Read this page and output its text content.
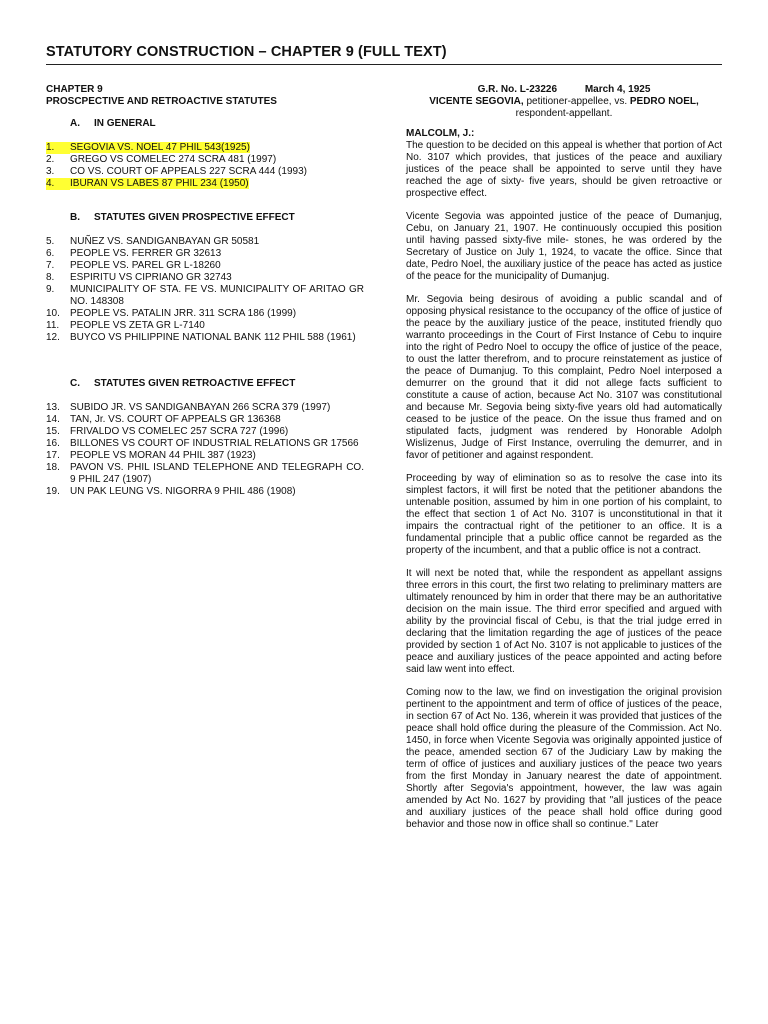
STATUTORY CONSTRUCTION – CHAPTER 9 (FULL TEXT)
CHAPTER 9
PROSCPECTIVE AND RETROACTIVE STATUTES
A.	IN GENERAL
1.	SEGOVIA VS. NOEL 47 PHIL 543(1925)
2.	GREGO VS COMELEC 274 SCRA 481 (1997)
3.	CO VS. COURT OF APPEALS 227 SCRA 444 (1993)
4.	IBURAN VS LABES 87 PHIL 234 (1950)
B.	STATUTES GIVEN PROSPECTIVE EFFECT
5.	NUÑEZ VS. SANDIGANBAYAN GR 50581
6.	PEOPLE VS. FERRER GR 32613
7.	PEOPLE VS. PAREL GR L-18260
8.	ESPIRITU VS CIPRIANO GR 32743
9.	MUNICIPALITY OF STA. FE VS. MUNICIPALITY OF ARITAO GR NO. 148308
10.	PEOPLE VS. PATALIN JRR. 311 SCRA 186 (1999)
11.	PEOPLE VS ZETA GR L-7140
12.	BUYCO VS PHILIPPINE NATIONAL BANK 112 PHIL 588 (1961)
C.	STATUTES GIVEN RETROACTIVE EFFECT
13.	SUBIDO JR. VS SANDIGANBAYAN 266 SCRA 379 (1997)
14.	TAN, Jr. VS. COURT OF APPEALS GR 136368
15.	FRIVALDO VS COMELEC 257 SCRA 727 (1996)
16.	BILLONES VS COURT OF INDUSTRIAL RELATIONS GR 17566
17.	PEOPLE VS MORAN 44 PHIL 387 (1923)
18.	PAVON VS. PHIL ISLAND TELEPHONE AND TELEGRAPH CO. 9 PHIL 247 (1907)
19.	UN PAK LEUNG VS. NIGORRA 9 PHIL 486 (1908)
G.R. No. L-23226	March 4, 1925
VICENTE SEGOVIA, petitioner-appellee, vs. PEDRO NOEL,
respondent-appellant.
MALCOLM, J.:

The question to be decided on this appeal is whether that portion of Act No. 3107 which provides, that justices of the peace and auxiliary justices of the peace shall be appointed to serve until they have reached the age of sixty- five years, should be given retroactive or prospective effect.

Vicente Segovia was appointed justice of the peace of Dumanjug, Cebu, on January 21, 1907. He continuously occupied this position until having passed sixty-five mile- stones, he was ordered by the Secretary of Justice on July 1, 1924, to vacate the office. Since that date, Pedro Noel, the auxiliary justice of the peace has acted as justice of the peace for the municipality of Dumanjug.

Mr. Segovia being desirous of avoiding a public scandal and of opposing physical resistance to the occupancy of the office of justice of the peace by the auxiliary justice of the peace, instituted friendly quo warranto proceedings in the Court of First Instance of Cebu to inquire into the right of Pedro Noel to occupy the office of justice of the peace, to oust the latter therefrom, and to procure reinstatement as justice of the peace of Dumanjug. To this complaint, Pedro Noel interposed a demurrer on the ground that it did not allege facts sufficient to constitute a cause of action, because Act No. 3107 was constitutional and because Mr. Segovia being sixty-five years old had automatically ceased to be justice of the peace. On the issue thus framed and on stipulated facts, judgment was rendered by Honorable Adolph Wislizenus, Judge of First Instance, overruling the demurrer, and in favor of petitioner and against respondent.

Proceeding by way of elimination so as to resolve the case into its simplest factors, it will first be noted that the petitioner abandons the untenable position, assumed by him in one portion of his complaint, to the effect that section 1 of Act No. 3107 is unconstitutional in that it impairs the contractual right of the petitioner to an office. It is a fundamental principle that a public office cannot be regarded as the property of the incumbent, and that a public office is not a contract.

It will next be noted that, while the respondent as appellant assigns three errors in this court, the first two relating to preliminary matters are ultimately renounced by him in order that there may be an authoritative decision on the main issue. The third error specified and argued with ability by the provincial fiscal of Cebu, is that the trial judge erred in declaring that the limitation regarding the age of justices of the peace provided by section 1 of Act No. 3107 is not applicable to justices of the peace and auxiliary justices of the peace appointed and acting before said law went into effect.

Coming now to the law, we find on investigation the original provision pertinent to the appointment and term of office of justices of the peace, in section 67 of Act No. 136, wherein it was provided that justices of the peace shall hold office during the pleasure of the Commission. Act No. 1450, in force when Vicente Segovia was originally appointed justice of the peace, amended section 67 of the Judiciary Law by making the term of office of justices and auxiliary justices of the peace two years from the first Monday in January nearest the date of appointment. Shortly after Segovia's appointment, however, the law was again amended by Act No. 1627 by providing that "all justices of the peace and auxiliary justices of the peace shall hold office during good behavior and those now in office shall so continue." Later
